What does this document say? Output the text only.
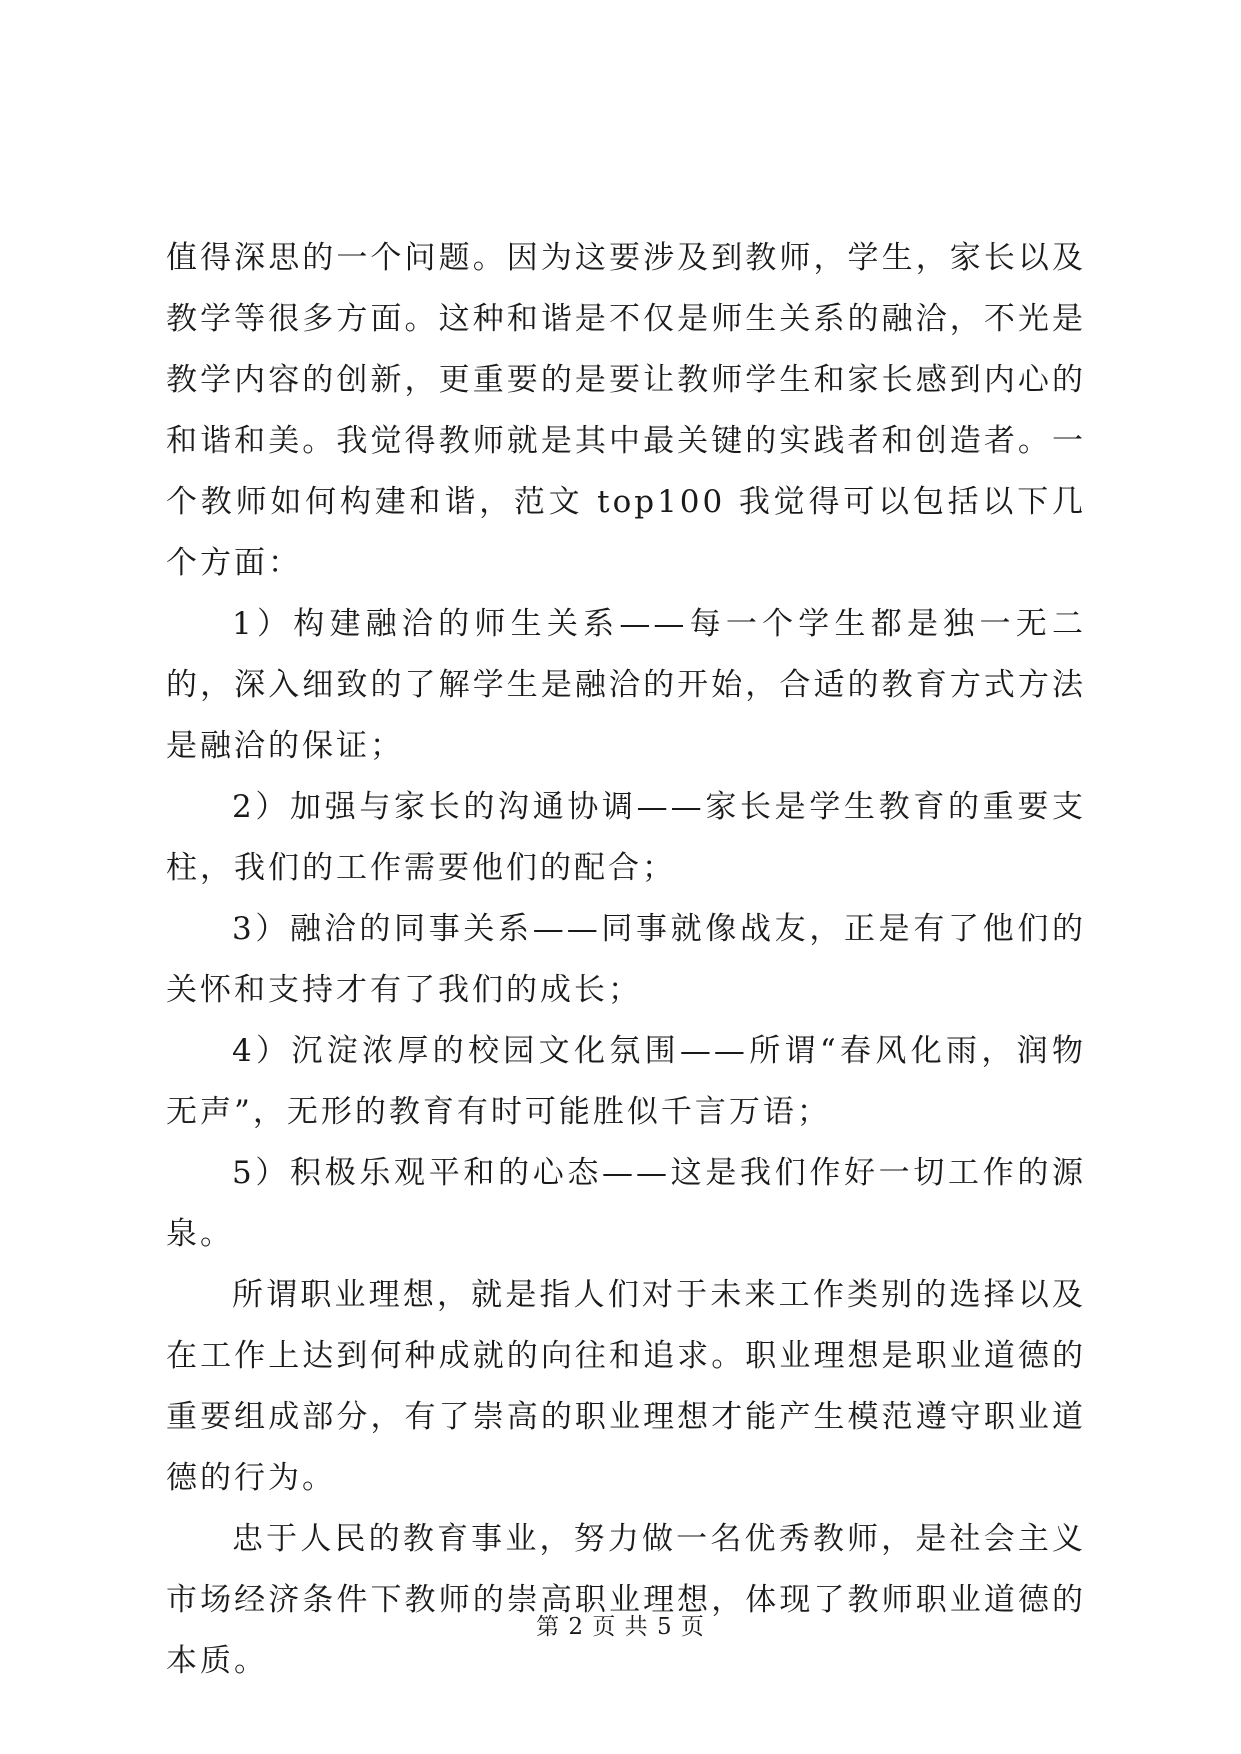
值得深思的一个问题。因为这要涉及到教师，学生，家长以及教学等很多方面。这种和谐是不仅是师生关系的融洽，不光是教学内容的创新，更重要的是要让教师学生和家长感到内心的和谐和美。我觉得教师就是其中最关键的实践者和创造者。一个教师如何构建和谐，范文 top100 我觉得可以包括以下几个方面：

1）构建融洽的师生关系——每一个学生都是独一无二的，深入细致的了解学生是融洽的开始，合适的教育方式方法是融洽的保证；

2）加强与家长的沟通协调——家长是学生教育的重要支柱，我们的工作需要他们的配合；

3）融洽的同事关系——同事就像战友，正是有了他们的关怀和支持才有了我们的成长；

4）沉淀浓厚的校园文化氛围——所谓“春风化雨，润物无声”，无形的教育有时可能胜似千言万语；

5）积极乐观平和的心态——这是我们作好一切工作的源泉。

所谓职业理想，就是指人们对于未来工作类别的选择以及在工作上达到何种成就的向往和追求。职业理想是职业道德的重要组成部分，有了崇高的职业理想才能产生模范遵守职业道德的行为。

忠于人民的教育事业，努力做一名优秀教师，是社会主义市场经济条件下教师的崇高职业理想，体现了教师职业道德的本质。

第 2 页 共 5 页
